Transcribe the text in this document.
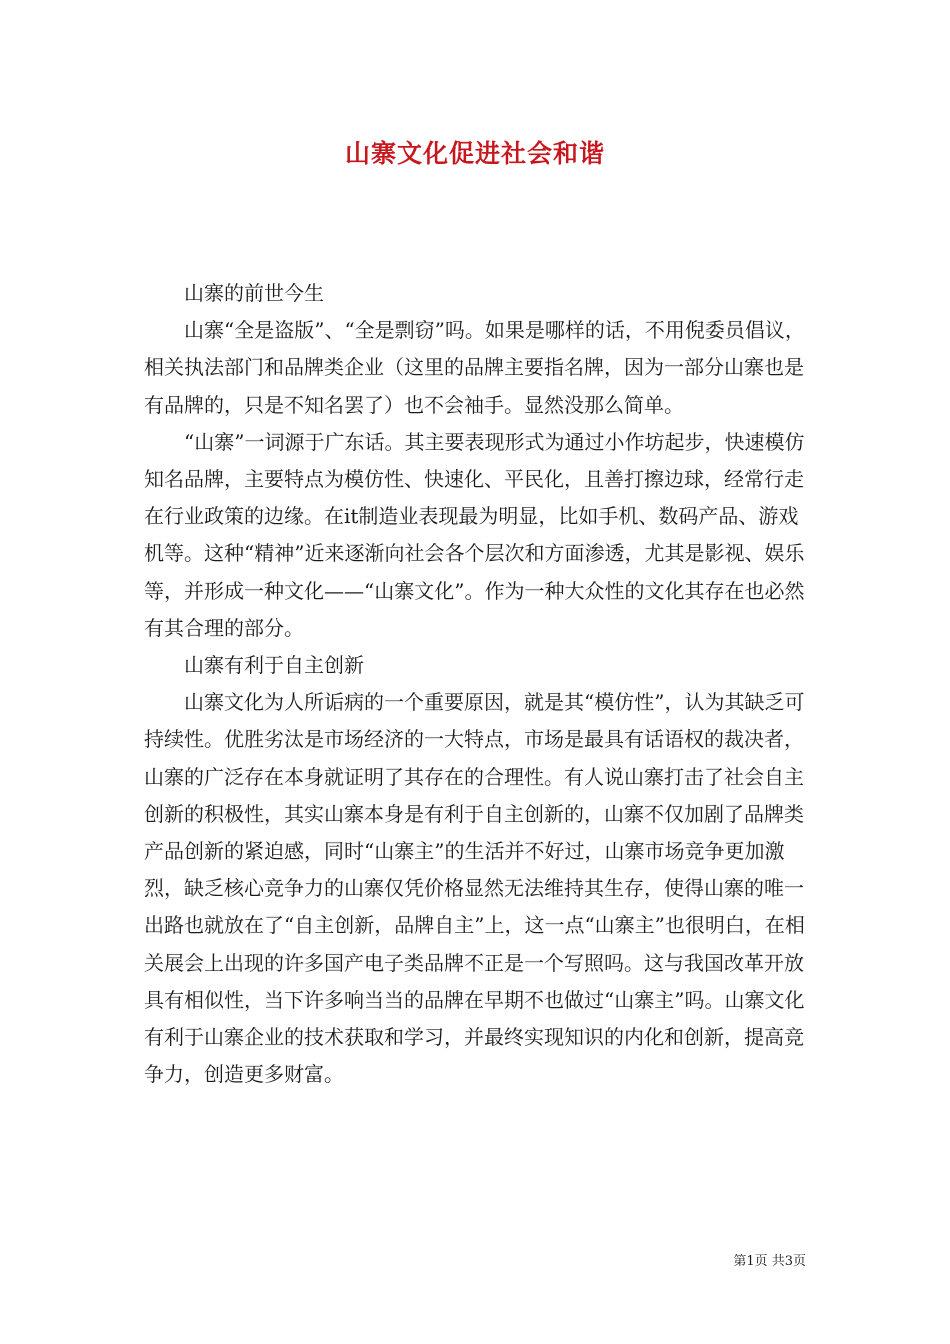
山寨文化促进社会和谐

山寨的前世今生

山寨“全是盗版”、“全是剽窃”吗。如果是哪样的话，不用倪委员倡议，相关执法部门和品牌类企业（这里的品牌主要指名牌，因为一部分山寨也是有品牌的，只是不知名罢了）也不会袖手。显然没那么简单。

“山寨”一词源于广东话。其主要表现形式为通过小作坊起步，快速模仿知名品牌，主要特点为模仿性、快速化、平民化，且善打擦边球，经常行走在行业政策的边缘。在it制造业表现最为明显，比如手机、数码产品、游戏机等。这种“精神”近来逐渐向社会各个层次和方面渗透，尤其是影视、娱乐等，并形成一种文化——“山寨文化”。作为一种大众性的文化其存在也必然有其合理的部分。

山寨有利于自主创新

山寨文化为人所诟病的一个重要原因，就是其“模仿性”，认为其缺乏可持续性。优胜劣汰是市场经济的一大特点，市场是最具有话语权的裁决者，山寨的广泛存在本身就证明了其存在的合理性。有人说山寨打击了社会自主创新的积极性，其实山寨本身是有利于自主创新的，山寨不仅加剧了品牌类产品创新的紧迫感，同时“山寨主”的生活并不好过，山寨市场竞争更加激烈，缺乏核心竞争力的山寨仅凭价格显然无法维持其生存，使得山寨的唯一出路也就放在了“自主创新，品牌自主”上，这一点“山寨主”也很明白，在相关展会上出现的许多国产电子类品牌不正是一个写照吗。这与我国改革开放具有相似性，当下许多响当当的品牌在早期不也做过“山寨主”吗。山寨文化有利于山寨企业的技术获取和学习，并最终实现知识的内化和创新，提高竞争力，创造更多财富。

第1页 共3页
